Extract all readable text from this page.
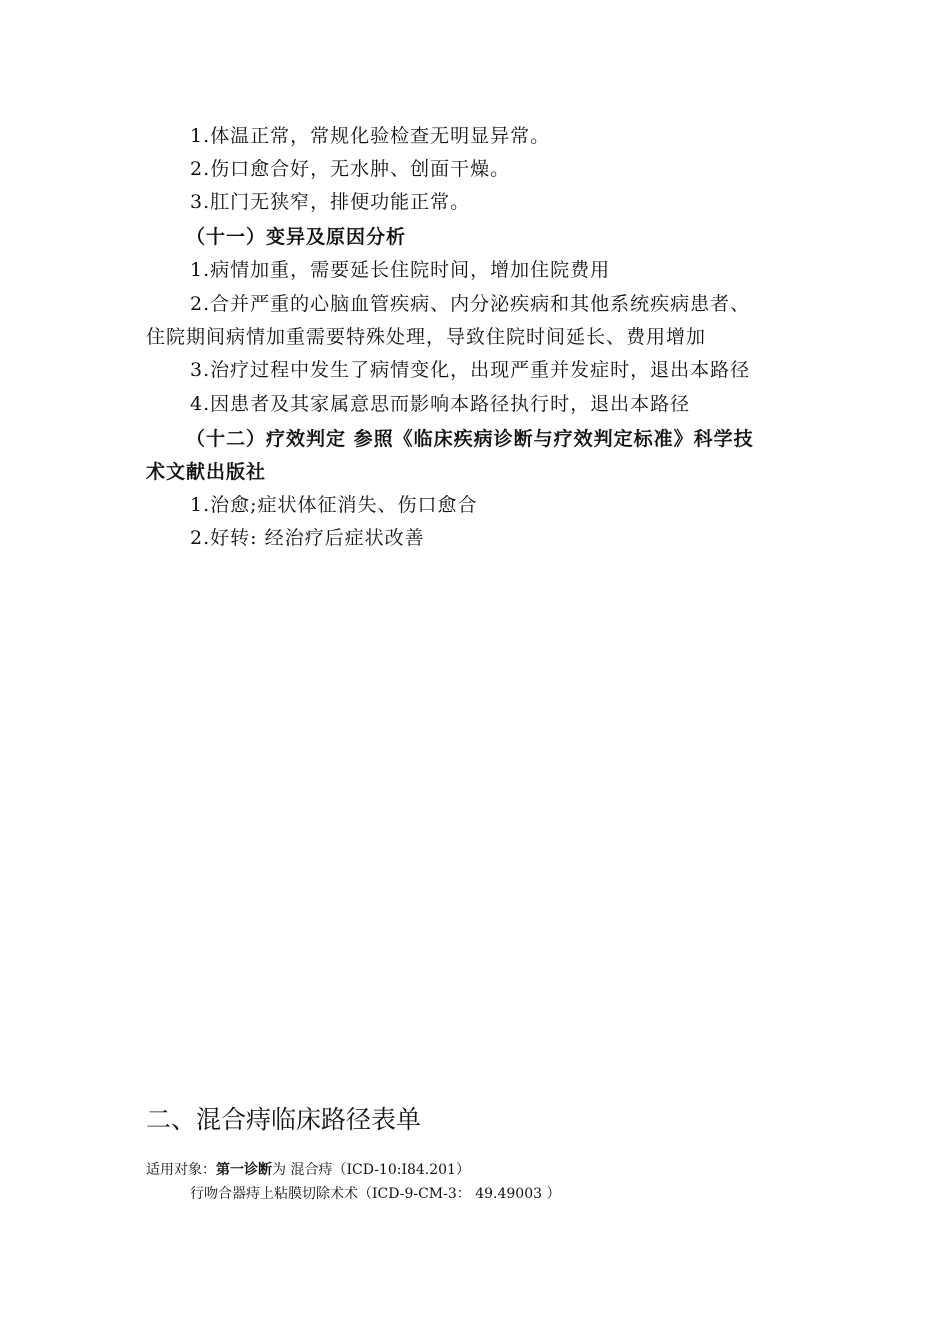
1.体温正常，常规化验检查无明显异常。
2.伤口愈合好，无水肿、创面干燥。
3.肛门无狭窄，排便功能正常。
（十一）变异及原因分析
1.病情加重，需要延长住院时间，增加住院费用
2.合并严重的心脑血管疾病、内分泌疾病和其他系统疾病患者、
住院期间病情加重需要特殊处理，导致住院时间延长、费用增加
3.治疗过程中发生了病情变化，出现严重并发症时，退出本路径
4.因患者及其家属意思而影响本路径执行时，退出本路径
（十二）疗效判定 参照《临床疾病诊断与疗效判定标准》科学技
术文献出版社
1.治愈;症状体征消失、伤口愈合
2.好转: 经治疗后症状改善
二、混合痔临床路径表单
适用对象：第一诊断为 混合痔（ICD-10:I84.201）
行吻合器痔上粘膜切除术术（ICD-9-CM-3： 49.49003 ）
